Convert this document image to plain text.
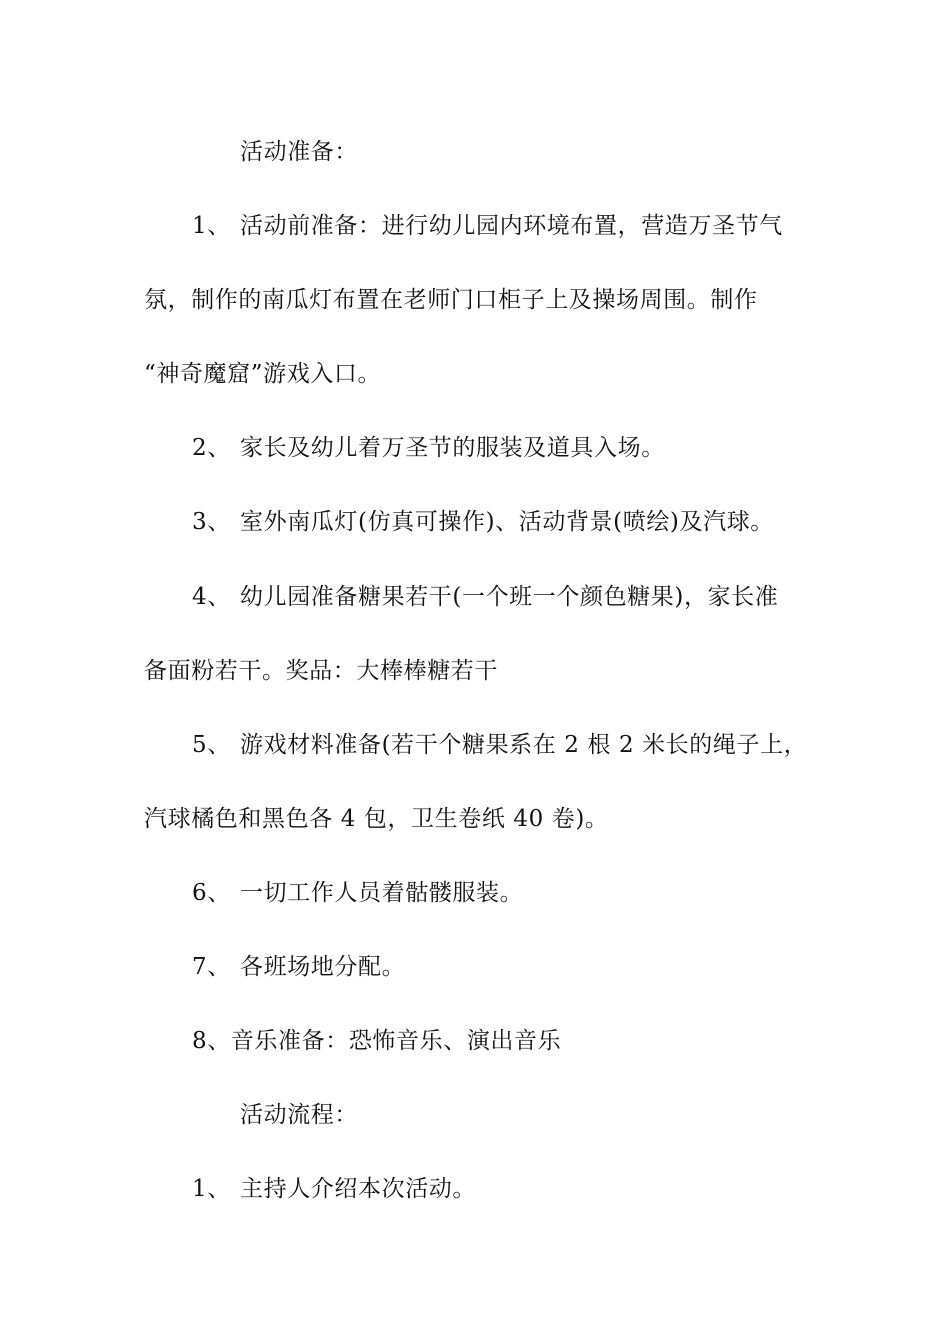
活动准备：
1、 活动前准备：进行幼儿园内环境布置，营造万圣节气
氛，制作的南瓜灯布置在老师门口柜子上及操场周围。制作
“神奇魔窟”游戏入口。
2、 家长及幼儿着万圣节的服装及道具入场。
3、 室外南瓜灯(仿真可操作)、活动背景(喷绘)及汽球。
4、 幼儿园准备糖果若干(一个班一个颜色糖果)，家长准
备面粉若干。奖品：大棒棒糖若干
5、 游戏材料准备(若干个糖果系在 2 根 2 米长的绳子上，
汽球橘色和黑色各 4 包，卫生卷纸 40 卷)。
6、 一切工作人员着骷髅服装。
7、 各班场地分配。
8、音乐准备：恐怖音乐、演出音乐
活动流程：
1、 主持人介绍本次活动。
